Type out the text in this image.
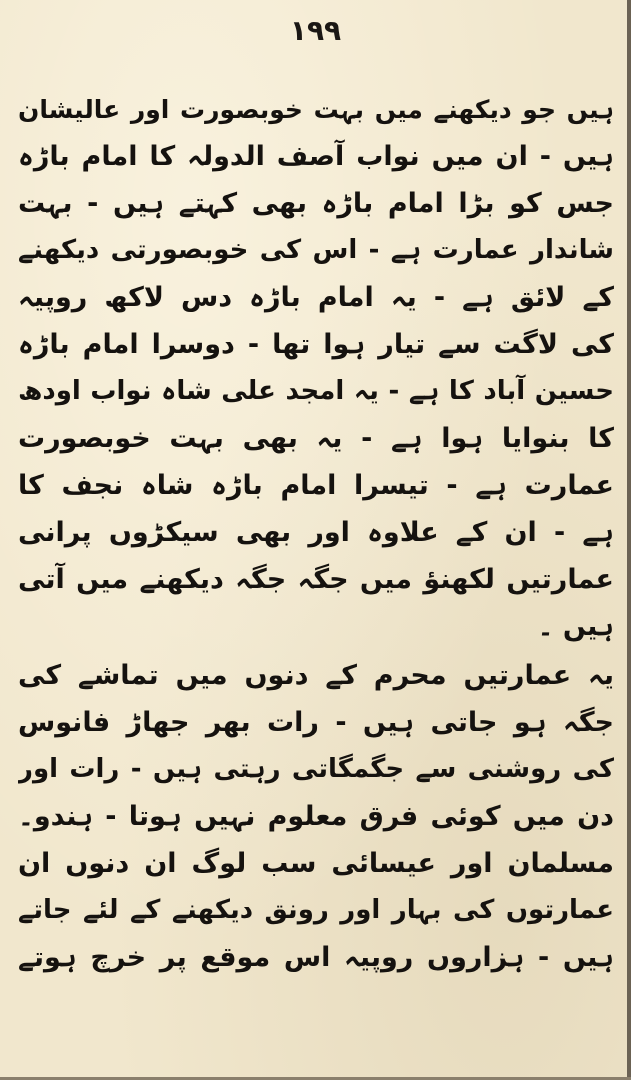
۱۹۹
ہیں جو دیکھنے میں بہت خوبصورت اور عالیشان
ہیں - ان میں نواب آصف الدولہ کا امام باڑہ
جس کو بڑا امام باڑہ بھی کہتے ہیں - بہت
شاندار عمارت ہے - اس کی خوبصورتی دیکھنے
کے لائق ہے - یہ امام باڑہ دس لاکھ روپیہ
کی لاگت سے تیار ہوا تھا - دوسرا امام باڑہ
حسین آباد کا ہے - یہ امجد علی شاہ نواب اودھ
کا بنوایا ہوا ہے - یہ بھی بہت خوبصورت
عمارت ہے - تیسرا امام باڑہ شاہ نجف کا
ہے - ان کے علاوہ اور بھی سیکڑوں پرانی
عمارتیں لکھنؤ میں جگہ جگہ دیکھنے میں آتی
ہیں ۔
یہ عمارتیں محرم کے دنوں میں تماشے کی
جگہ ہو جاتی ہیں - رات بھر جھاڑ فانوس
کی روشنی سے جگمگاتی رہتی ہیں - رات اور
دن میں کوئی فرق معلوم نہیں ہوتا - ہندو۔
مسلمان اور عیسائی سب لوگ ان دنوں ان
عمارتوں کی بہار اور رونق دیکھنے کے لئے جاتے
ہیں - ہزاروں روپیہ اس موقع پر خرچ ہوتے
